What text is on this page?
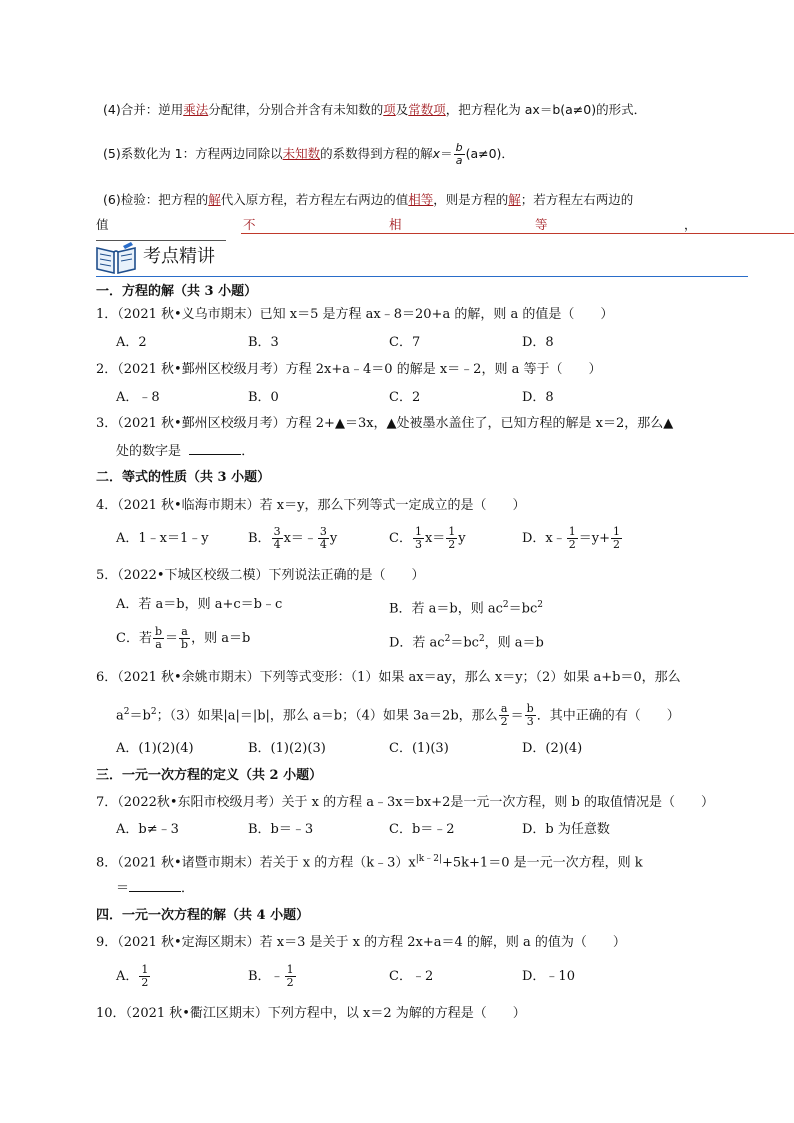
(4)合并：逆用乘法分配律，分别合并含有未知数的项及常数项，把方程化为 ax＝b(a≠0)的形式．
(5)系数化为 1：方程两边同除以未知数的系数得到方程的解$x= \frac{b}{a} (a\ne 0)$．
(6)检验：把方程的解代入原方程，若方程左右两边的值相等，则是方程的解；若方程左右两边的
值	不	相	等	，
考点精讲
一．方程的解（共 3 小题）
1．（2021 秋•义乌市期末）已知 x＝5 是方程 ax﹣8＝20+a 的解，则 a 的值是（　　）
A．2	B．3	C．7	D．8
2．（2021 秋•鄞州区校级月考）方程 2x+a﹣4＝0 的解是 x＝﹣2，则 a 等于（　　）
A．﹣8	B．0	C．2	D．8
3．（2021 秋•鄞州区校级月考）方程 2+▲＝3x，▲处被墨水盖住了，已知方程的解是 x＝2，那么▲
处的数字是	．
二．等式的性质（共 3 小题）
4．（2021 秋•临海市期末）若 x＝y，那么下列等式一定成立的是（　　）
A．1﹣x＝1﹣y	B． $\frac{3}{4}$ x＝﹣ $\frac{3}{4}$ y	C． $\frac{1}{3} x= \frac{1}{2}$ y	D．x﹣ $\frac{1}{2} =y+ \frac{1}{2}$
5．（2022•下城区校级二模）下列说法正确的是（　　）
A．若 a＝b，则 a+c＝b﹣c	B．若 a＝b，则 $ac^2=bc^2$
C．若 $\frac{b}{a} = \frac{a}{b}$ ，则 a＝b	D．若 $ac^2=bc^2$，则 a＝b
6．（2021 秋•余姚市期末）下列等式变形：（1）如果 ax＝ay，那么 x＝y；（2）如果 a+b＝0，那么
$a^2=b^2$；（3）如果|a|＝|b|，那么 a＝b；（4）如果 3a＝2b，那么 $\frac{a}{2} = \frac{b}{3}$ ．其中正确的有（　　）
A．(1)(2)(4)	B．(1)(2)(3)	C．(1)(3)	D．(2)(4)
三．一元一次方程的定义（共 2 小题）
7．（2022秋•东阳市校级月考）关于 x 的方程 a﹣3x＝bx+2是一元一次方程，则 b 的取值情况是（　　）
A．b≠﹣3	B．b＝﹣3	C．b＝﹣2	D．b 为任意数
8．（2021 秋•诸暨市期末）若关于 x 的方程$(k﹣3)x^{|k﹣2|}+5k+1=0$ 是一元一次方程，则 k
＝	．
四．一元一次方程的解（共 4 小题）
9．（2021 秋•定海区期末）若 x＝3 是关于 x 的方程 2x+a＝4 的解，则 a 的值为（　　）
A． $\frac{1}{2}$	B．﹣ $\frac{1}{2}$	C．﹣2	D．﹣10
10．（2021 秋•衢江区期末）下列方程中，以 x＝2 为解的方程是（　　）
